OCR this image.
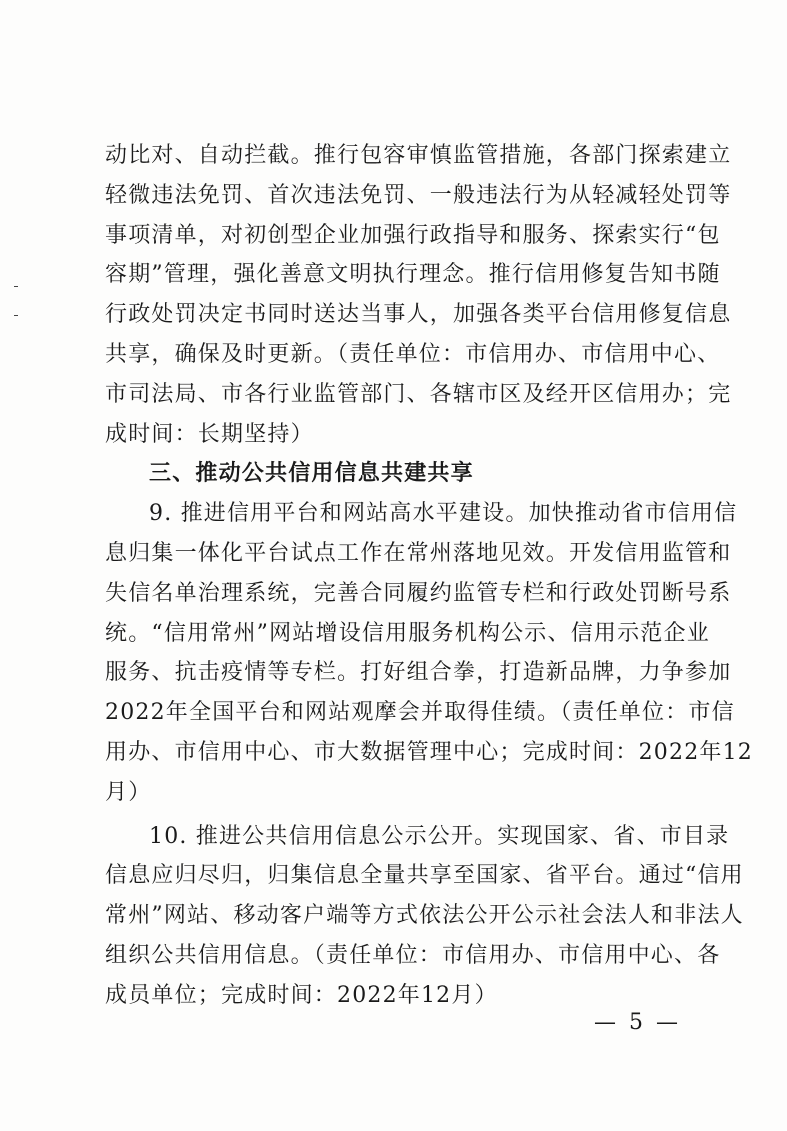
动比对、自动拦截。推行包容审慎监管措施，各部门探索建立
轻微违法免罚、首次违法免罚、一般违法行为从轻减轻处罚等
事项清单，对初创型企业加强行政指导和服务、探索实行“包
容期”管理，强化善意文明执行理念。推行信用修复告知书随
行政处罚决定书同时送达当事人，加强各类平台信用修复信息
共享，确保及时更新。（责任单位：市信用办、市信用中心、
市司法局、市各行业监管部门、各辖市区及经开区信用办；完
成时间：长期坚持）

三、推动公共信用信息共建共享

9. 推进信用平台和网站高水平建设。加快推动省市信用信
息归集一体化平台试点工作在常州落地见效。开发信用监管和
失信名单治理系统，完善合同履约监管专栏和行政处罚断号系
统。“信用常州”网站增设信用服务机构公示、信用示范企业
服务、抗击疫情等专栏。打好组合拳，打造新品牌，力争参加
2022年全国平台和网站观摩会并取得佳绩。（责任单位：市信
用办、市信用中心、市大数据管理中心；完成时间：2022年12
月）

10. 推进公共信用信息公示公开。实现国家、省、市目录
信息应归尽归，归集信息全量共享至国家、省平台。通过“信用
常州”网站、移动客户端等方式依法公开公示社会法人和非法人
组织公共信用信息。（责任单位：市信用办、市信用中心、各
成员单位；完成时间：2022年12月）

— 5 —
